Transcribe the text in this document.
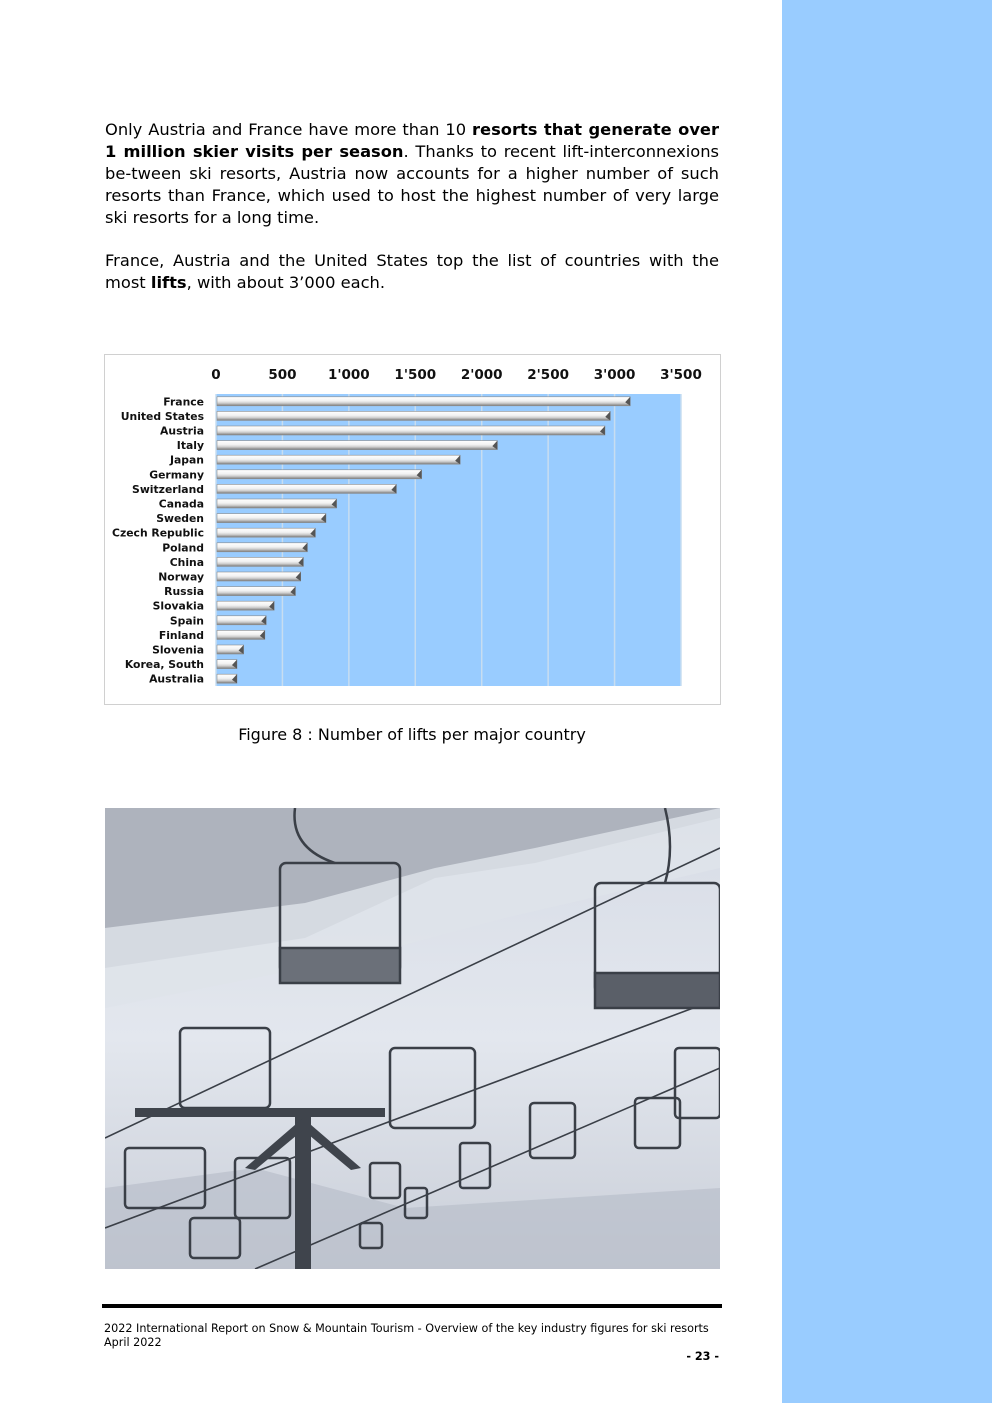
Only Austria and France have more than 10 resorts that generate over 1 million skier visits per season. Thanks to recent lift-interconnexions be-tween ski resorts, Austria now accounts for a higher number of such resorts than France, which used to host the highest number of very large ski resorts for a long time.

France, Austria and the United States top the list of countries with the most lifts, with about 3’000 each.

0	500 1'000 1'500 2'000 2'500 3'000 3'500
France
United States
Austria
Italy
Japan
Germany
Switzerland
Canada
Sweden
Czech Republic
Poland
China
Norway
Russia
Slovakia
Spain
Finland
Slovenia
Korea, South
Australia
Figure 8 : Number of lifts per major country
2022 International Report on Snow & Mountain Tourism - Overview of the key industry figures for ski resorts
April 2022
- 23 -
